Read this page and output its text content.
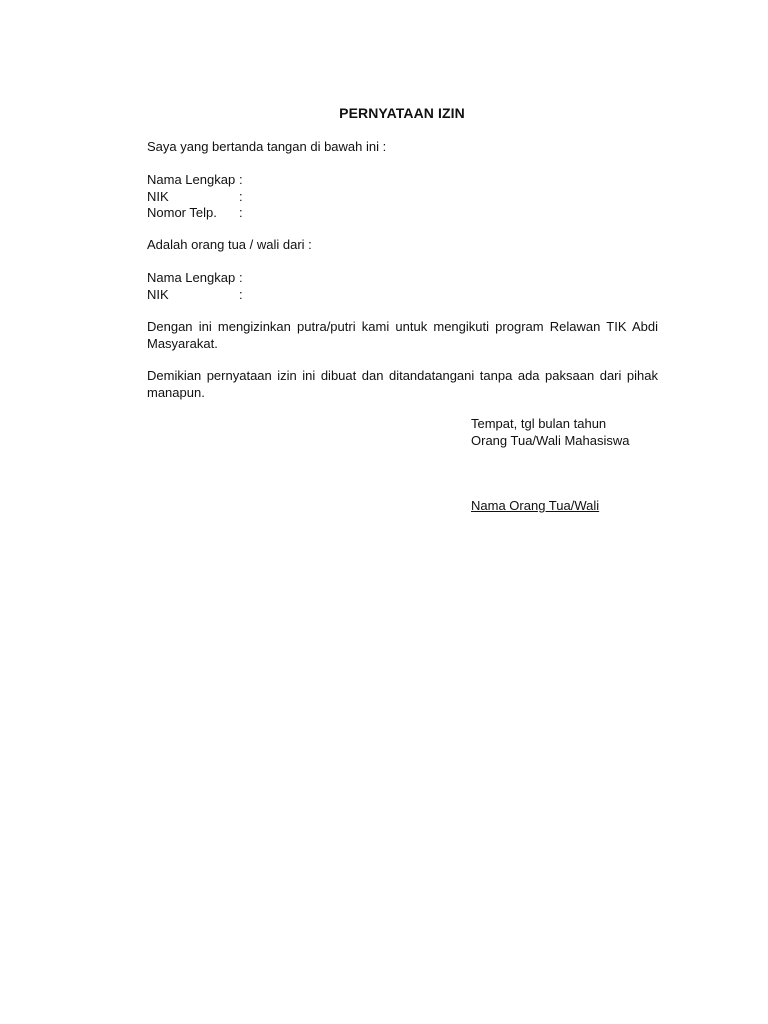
PERNYATAAN IZIN
Saya yang bertanda tangan di bawah ini :
Nama Lengkap :
NIK	:
Nomor Telp.	:
Adalah orang tua / wali dari :
Nama Lengkap :
NIK	:

Dengan ini mengizinkan putra/putri kami untuk mengikuti program Relawan TIK Abdi Masyarakat.

Demikian pernyataan izin ini dibuat dan ditandatangani tanpa ada paksaan dari pihak manapun.

Tempat, tgl bulan tahun
Orang Tua/Wali Mahasiswa
Nama Orang Tua/Wali
